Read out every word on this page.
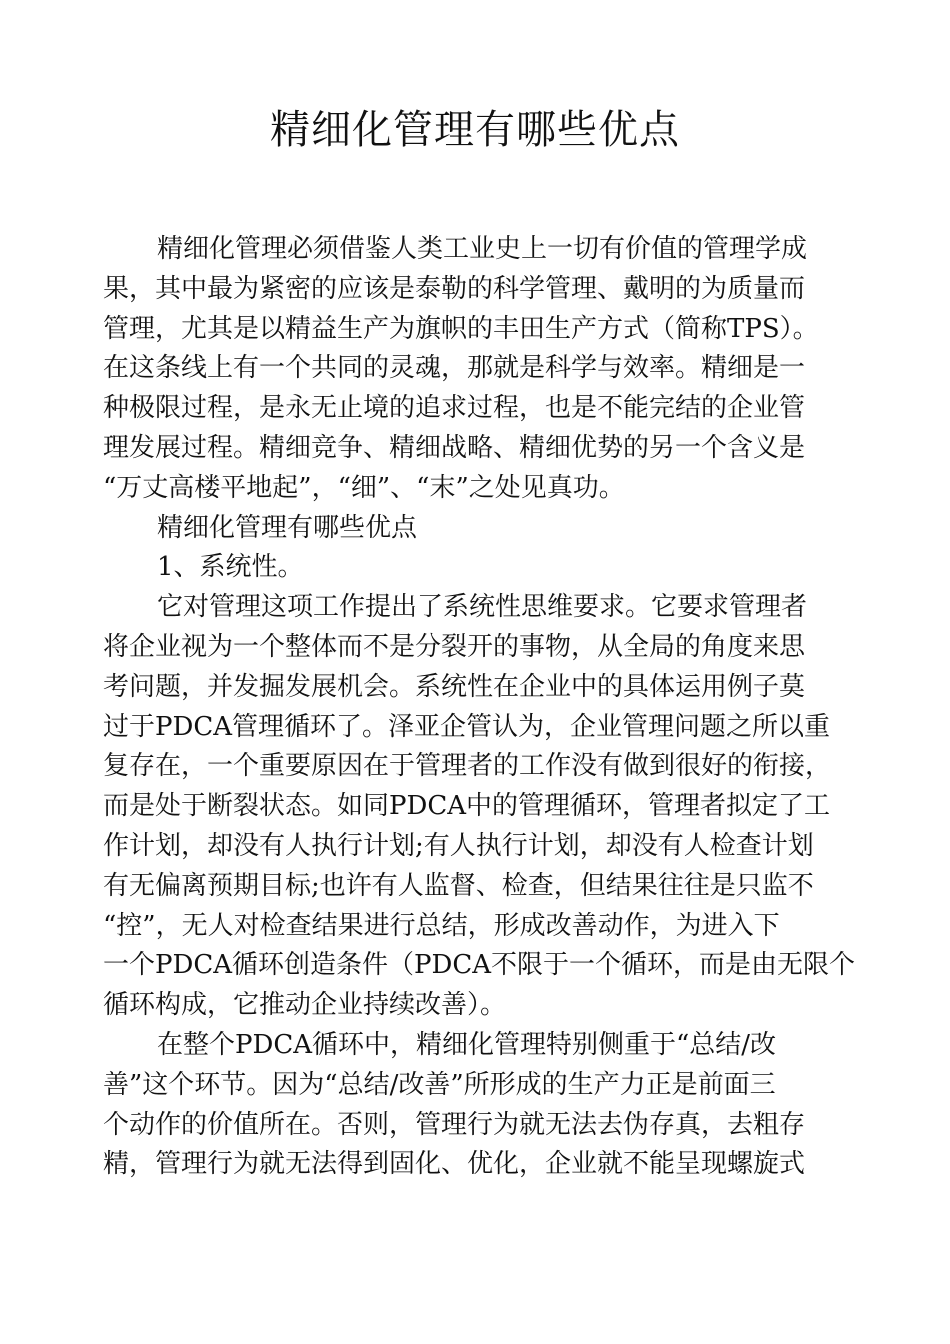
精细化管理有哪些优点

精细化管理必须借鉴人类工业史上一切有价值的管理学成

果，其中最为紧密的应该是泰勒的科学管理、戴明的为质量而

管理，尤其是以精益生产为旗帜的丰田生产方式（简称TPS）。

在这条线上有一个共同的灵魂，那就是科学与效率。精细是一

种极限过程，是永无止境的追求过程，也是不能完结的企业管

理发展过程。精细竞争、精细战略、精细优势的另一个含义是

“万丈高楼平地起”，“细”、“末”之处见真功。

精细化管理有哪些优点

1、系统性。

它对管理这项工作提出了系统性思维要求。它要求管理者

将企业视为一个整体而不是分裂开的事物，从全局的角度来思

考问题，并发掘发展机会。系统性在企业中的具体运用例子莫

过于PDCA管理循环了。泽亚企管认为，企业管理问题之所以重

复存在，一个重要原因在于管理者的工作没有做到很好的衔接，

而是处于断裂状态。如同PDCA中的管理循环，管理者拟定了工

作计划，却没有人执行计划;有人执行计划，却没有人检查计划

有无偏离预期目标;也许有人监督、检查，但结果往往是只监不

“控”，无人对检查结果进行总结，形成改善动作，为进入下

一个PDCA循环创造条件（PDCA不限于一个循环，而是由无限个

循环构成，它推动企业持续改善）。

在整个PDCA循环中，精细化管理特别侧重于“总结/改

善”这个环节。因为“总结/改善”所形成的生产力正是前面三

个动作的价值所在。否则，管理行为就无法去伪存真，去粗存

精，管理行为就无法得到固化、优化，企业就不能呈现螺旋式
